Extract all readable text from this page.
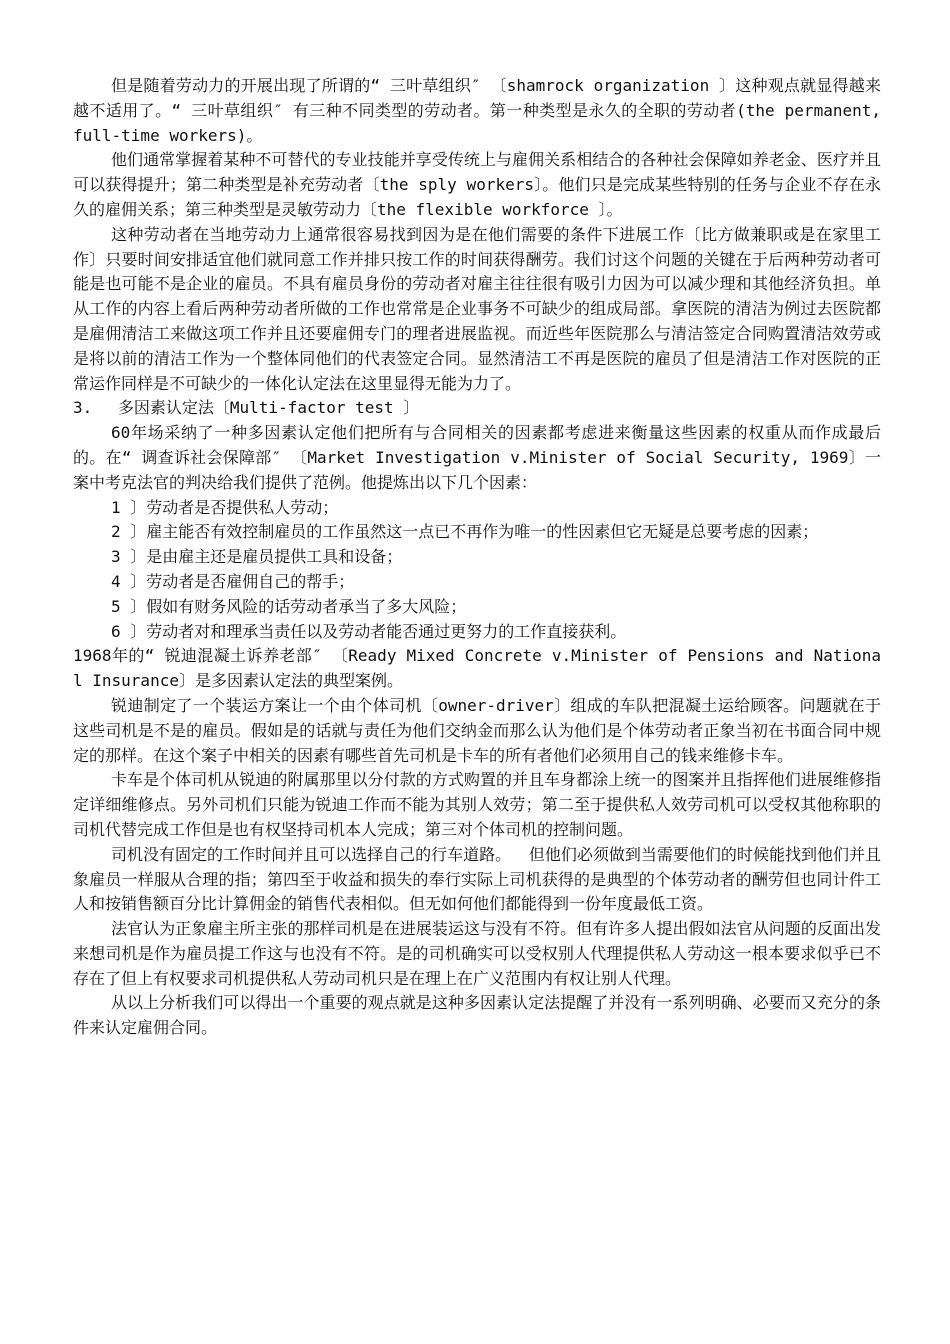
但是随着劳动力的开展出现了所谓的“ 三叶草组织″ 〔shamrock organization 〕这种观点就显得越来越不适用了。“ 三叶草组织″ 有三种不同类型的劳动者。第一种类型是永久的全职的劳动者(the permanent, full-time workers)。

他们通常掌握着某种不可替代的专业技能并享受传统上与雇佣关系相结合的各种社会保障如养老金、医疗并且可以获得提升；第二种类型是补充劳动者〔the sply workers〕。他们只是完成某些特别的任务与企业不存在永久的雇佣关系；第三种类型是灵敏劳动力〔the flexible workforce 〕。

这种劳动者在当地劳动力上通常很容易找到因为是在他们需要的条件下进展工作〔比方做兼职或是在家里工作〕只要时间安排适宜他们就同意工作并排只按工作的时间获得酬劳。我们讨这个问题的关键在于后两种劳动者可能是也可能不是企业的雇员。不具有雇员身份的劳动者对雇主往往很有吸引力因为可以减少理和其他经济负担。单从工作的内容上看后两种劳动者所做的工作也常常是企业事务不可缺少的组成局部。拿医院的清洁为例过去医院都是雇佣清洁工来做这项工作并且还要雇佣专门的理者进展监视。而近些年医院那么与清洁签定合同购置清洁效劳或是将以前的清洁工作为一个整体同他们的代表签定合同。显然清洁工不再是医院的雇员了但是清洁工作对医院的正常运作同样是不可缺少的一体化认定法在这里显得无能为力了。

3.　 多因素认定法〔Multi-factor test 〕

60年场采纳了一种多因素认定他们把所有与合同相关的因素都考虑进来衡量这些因素的权重从而作成最后的。在“ 调查诉社会保障部″ 〔Market Investigation v.Minister of Social Security, 1969〕一案中考克法官的判决给我们提供了范例。他提炼出以下几个因素：

1 〕劳动者是否提供私人劳动；

2 〕雇主能否有效控制雇员的工作虽然这一点已不再作为唯一的性因素但它无疑是总要考虑的因素；

3 〕是由雇主还是雇员提供工具和设备；

4 〕劳动者是否雇佣自己的帮手；

5 〕假如有财务风险的话劳动者承当了多大风险；

6 〕劳动者对和理承当责任以及劳动者能否通过更努力的工作直接获利。

1968年的“ 锐迪混凝土诉养老部″ 〔Ready Mixed Concrete v.Minister of Pensions and National Insurance〕是多因素认定法的典型案例。

锐迪制定了一个装运方案让一个由个体司机〔owner-driver〕组成的车队把混凝土运给顾客。问题就在于这些司机是不是的雇员。假如是的话就与责任为他们交纳金而那么认为他们是个体劳动者正象当初在书面合同中规定的那样。在这个案子中相关的因素有哪些首先司机是卡车的所有者他们必须用自己的钱来维修卡车。

卡车是个体司机从锐迪的附属那里以分付款的方式购置的并且车身都涂上统一的图案并且指挥他们进展维修指定详细维修点。另外司机们只能为锐迪工作而不能为其别人效劳；第二至于提供私人效劳司机可以受权其他称职的司机代替完成工作但是也有权坚持司机本人完成；第三对个体司机的控制问题。

司机没有固定的工作时间并且可以选择自己的行车道路。　 但他们必须做到当需要他们的时候能找到他们并且象雇员一样服从合理的指；第四至于收益和损失的奉行实际上司机获得的是典型的个体劳动者的酬劳但也同计件工人和按销售额百分比计算佣金的销售代表相似。但无如何他们都能得到一份年度最低工资。

法官认为正象雇主所主张的那样司机是在进展装运这与没有不符。但有许多人提出假如法官从问题的反面出发来想司机是作为雇员提工作这与也没有不符。是的司机确实可以受权别人代理提供私人劳动这一根本要求似乎已不存在了但上有权要求司机提供私人劳动司机只是在理上在广义范围内有权让别人代理。

从以上分析我们可以得出一个重要的观点就是这种多因素认定法提醒了并没有一系列明确、必要而又充分的条件来认定雇佣合同。
